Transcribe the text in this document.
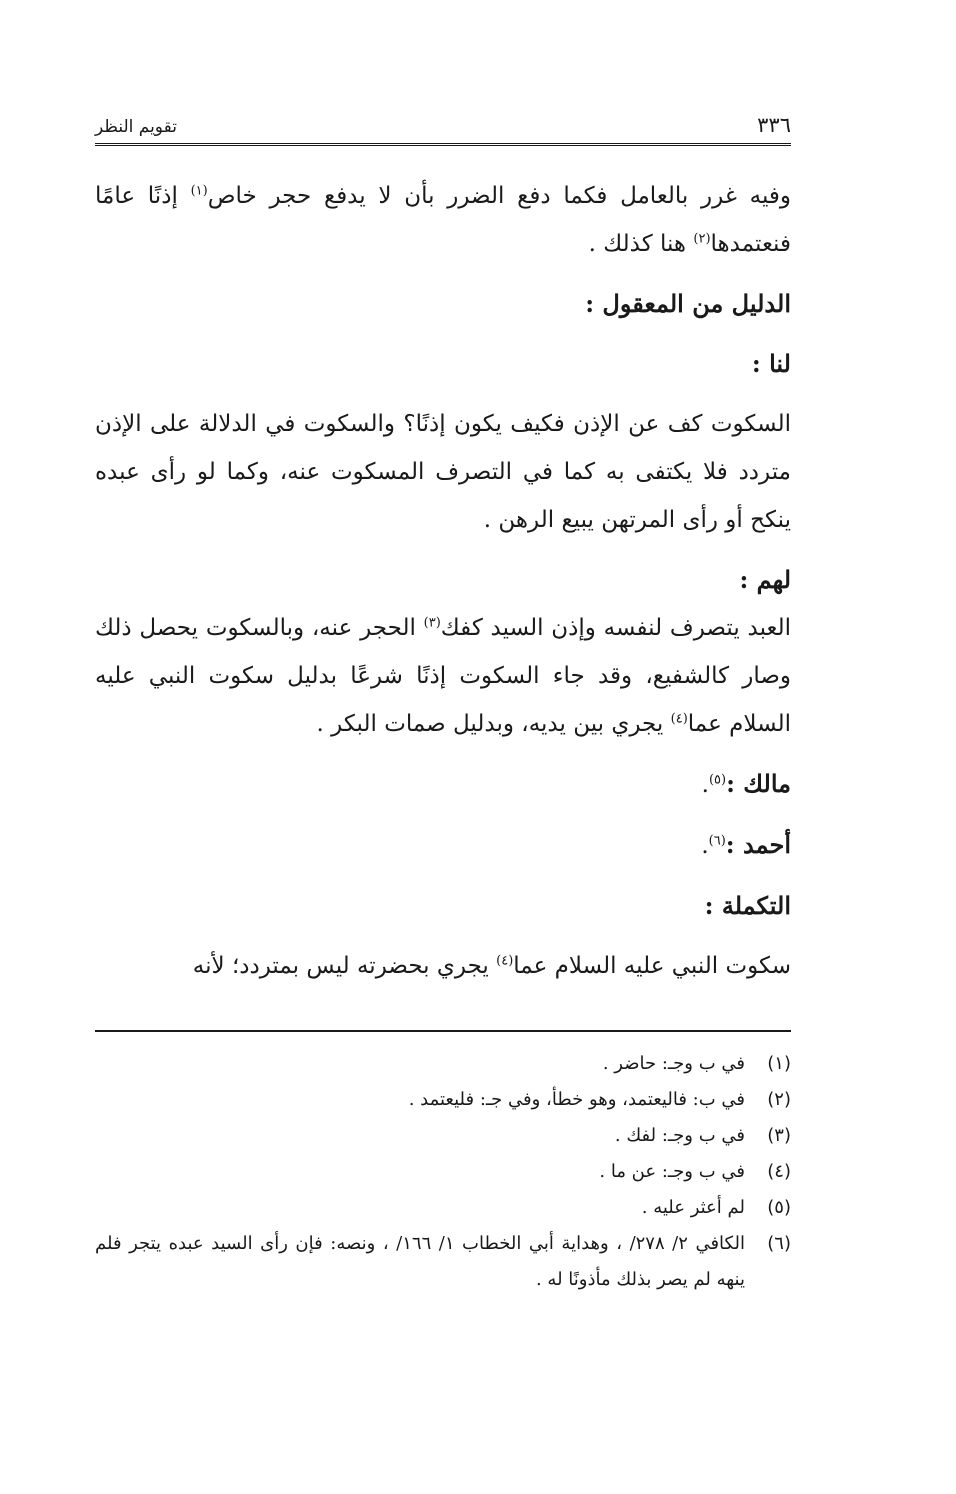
٣٣٦
تقويم النظر

وفيه غرر بالعامل فكما دفع الضرر بأن لا يدفع حجر خاص$^{(١)}$ إذنًا عامًا فنعتمدها$^{(٢)}$ هنا كذلك .

الدليل من المعقول :

لنا :

السكوت كف عن الإذن فكيف يكون إذنًا؟ والسكوت في الدلالة على الإذن متردد فلا يكتفى به كما في التصرف المسكوت عنه، وكما لو رأى عبده ينكح أو رأى المرتهن يبيع الرهن .

لهم :

العبد يتصرف لنفسه وإذن السيد كفك$^{(٣)}$ الحجر عنه، وبالسكوت يحصل ذلك وصار كالشفيع، وقد جاء السكوت إذنًا شرعًا بدليل سكوت النبي عليه السلام عما$^{(٤)}$ يجري بين يديه، وبدليل صمات البكر .

مالك :$^{(٥)}$.

أحمد :$^{(٦)}$.

التكملة :

سكوت النبي عليه السلام عما$^{(٤)}$ يجري بحضرته ليس بمتردد؛ لأنه

(١)
في ب وجـ: حاضر .
(٢)
في ب: فاليعتمد، وهو خطأ، وفي جـ: فليعتمد .
(٣)
في ب وجـ: لفك .
(٤)
في ب وجـ: عن ما .
(٥)
لم أعثر عليه .
(٦)
الكافي ٢/ ٢٧٨/ ، وهداية أبي الخطاب ١/ ١٦٦/ ، ونصه: فإن رأى السيد عبده يتجر فلم ينهه لم يصر بذلك مأذونًا له .
